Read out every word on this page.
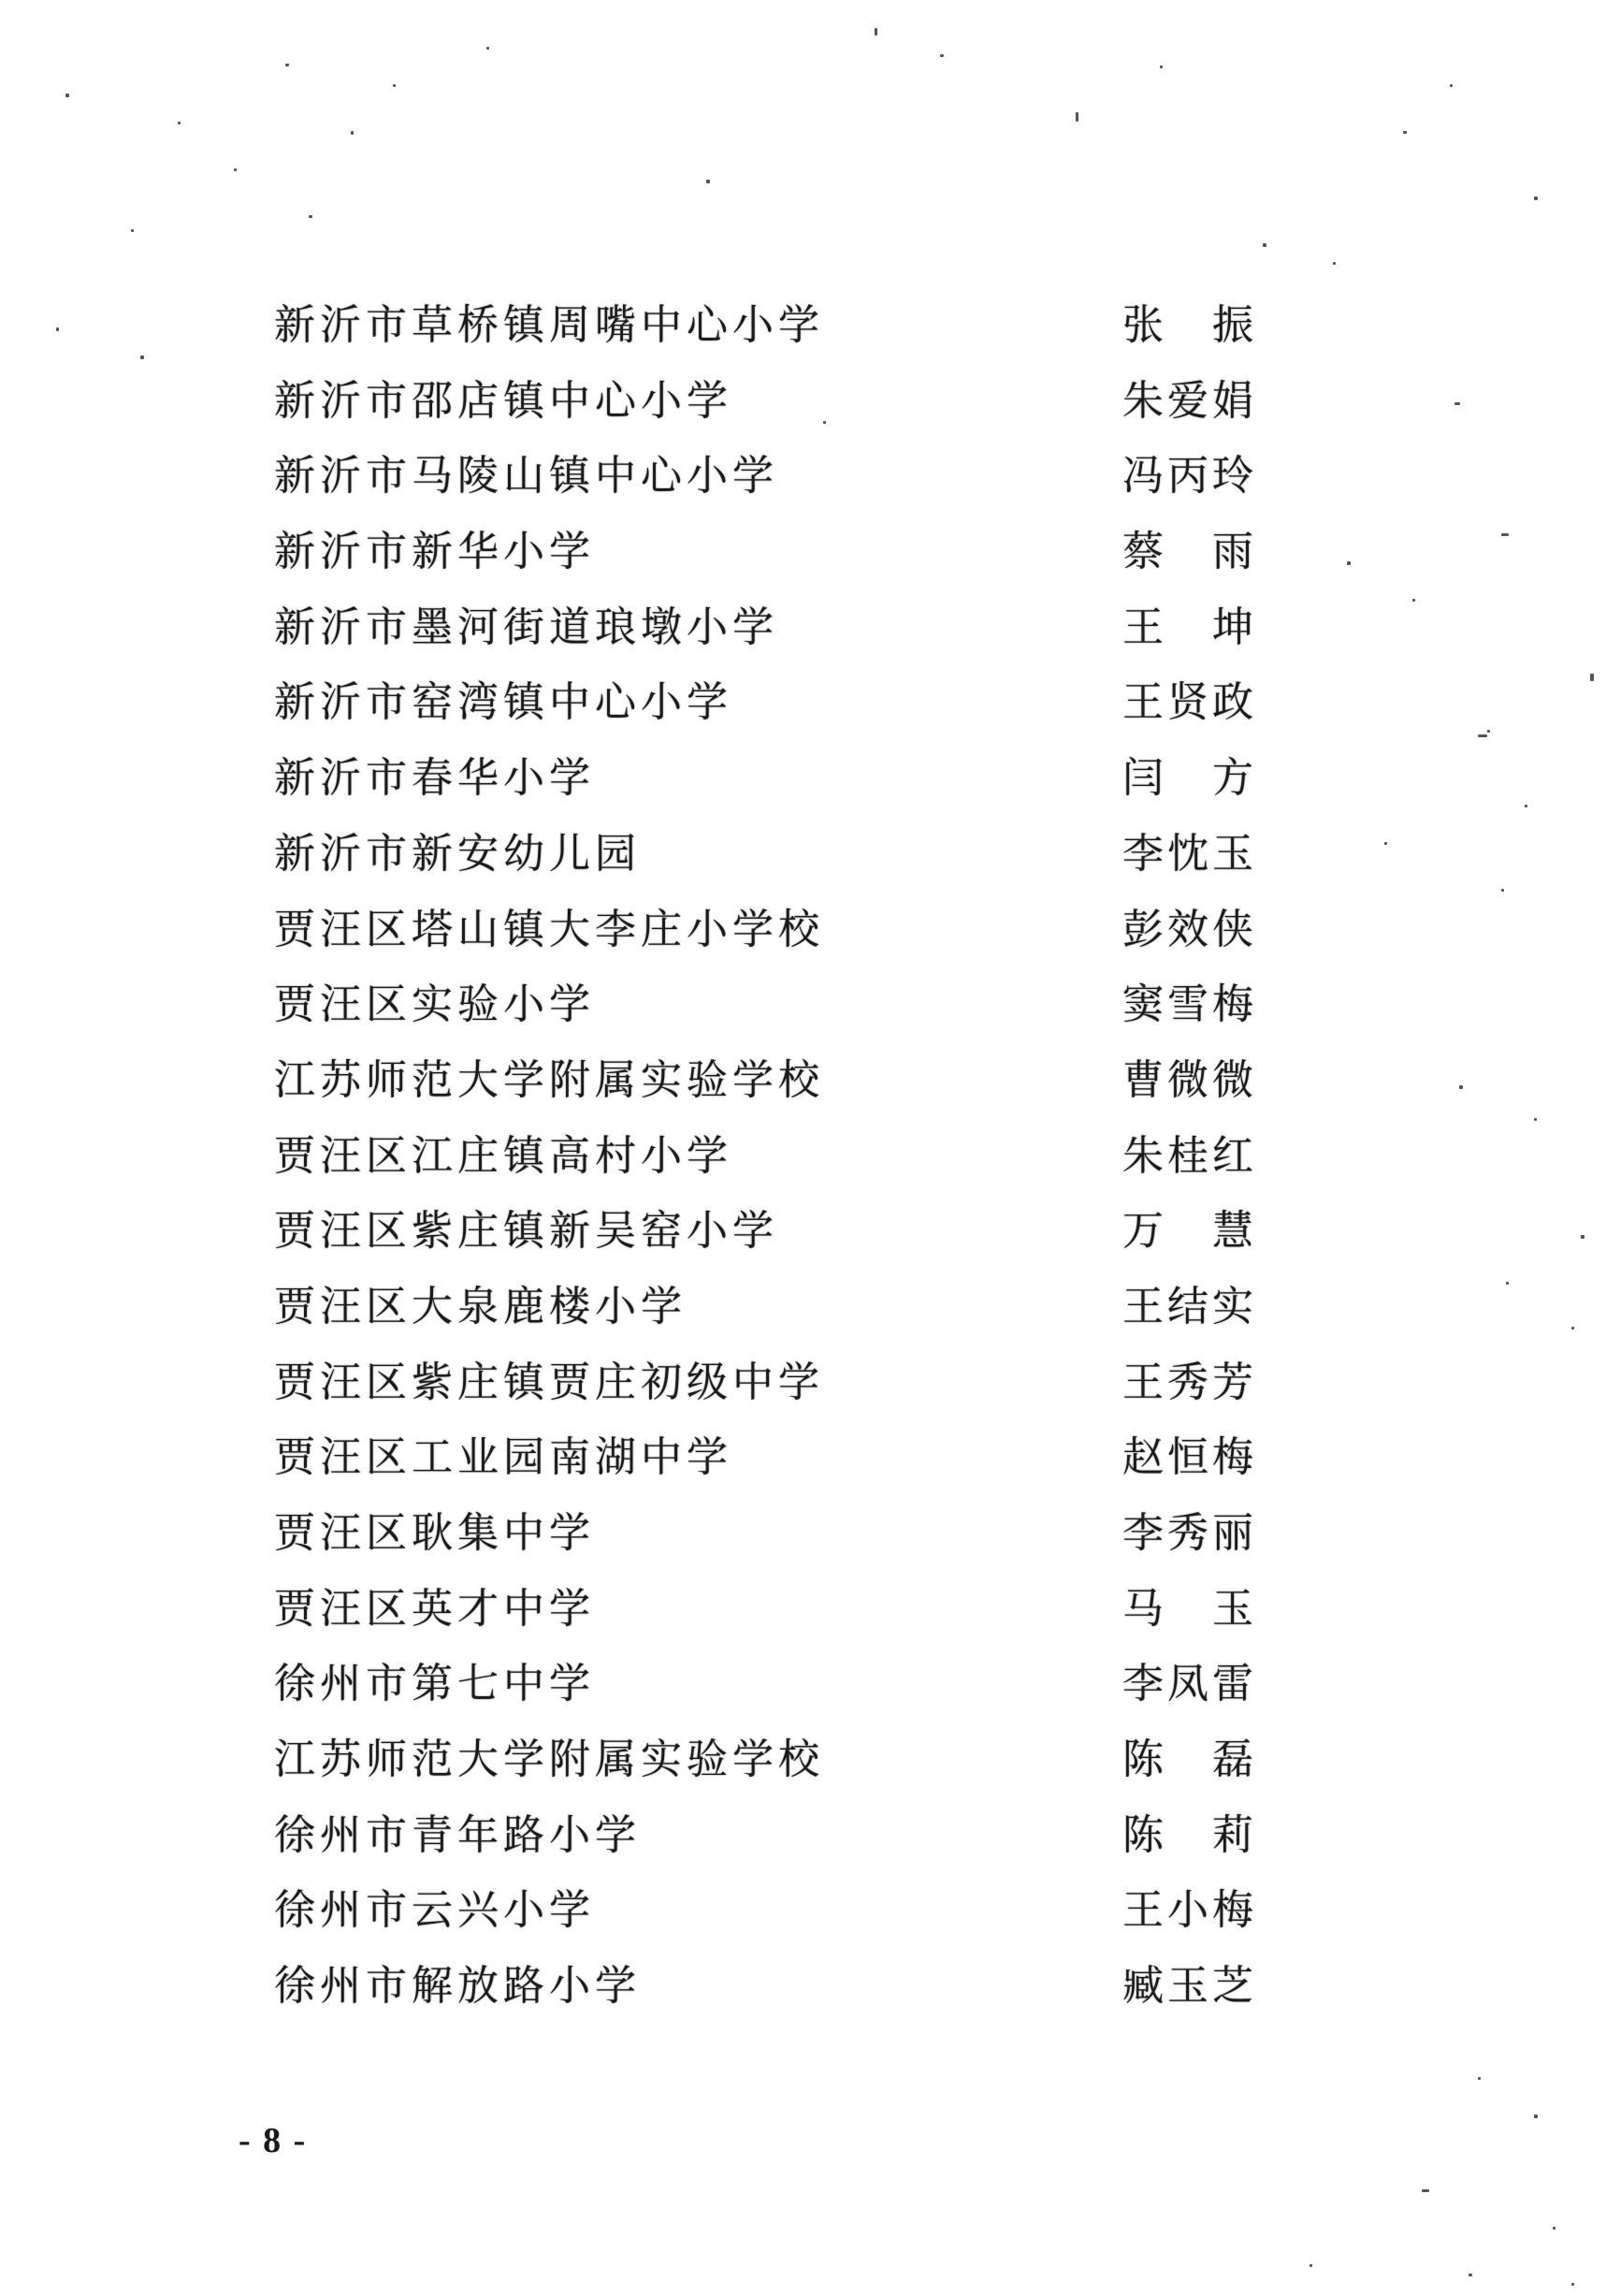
新沂市草桥镇周嘴中心小学	张 振
新沂市邵店镇中心小学	朱爱娟
新沂市马陵山镇中心小学	冯丙玲
新沂市新华小学	蔡 雨
新沂市墨河街道琅墩小学	王 坤
新沂市窑湾镇中心小学	王贤政
新沂市春华小学	闫 方
新沂市新安幼儿园	李忱玉
贾汪区塔山镇大李庄小学校	彭效侠
贾汪区实验小学	窦雪梅
江苏师范大学附属实验学校	曹微微
贾汪区江庄镇高村小学	朱桂红
贾汪区紫庄镇新吴窑小学	万 慧
贾汪区大泉鹿楼小学	王结实
贾汪区紫庄镇贾庄初级中学	王秀芳
贾汪区工业园南湖中学	赵恒梅
贾汪区耿集中学	李秀丽
贾汪区英才中学	马 玉
徐州市第七中学	李凤雷
江苏师范大学附属实验学校	陈 磊
徐州市青年路小学	陈 莉
徐州市云兴小学	王小梅
徐州市解放路小学	臧玉芝
- 8 -
